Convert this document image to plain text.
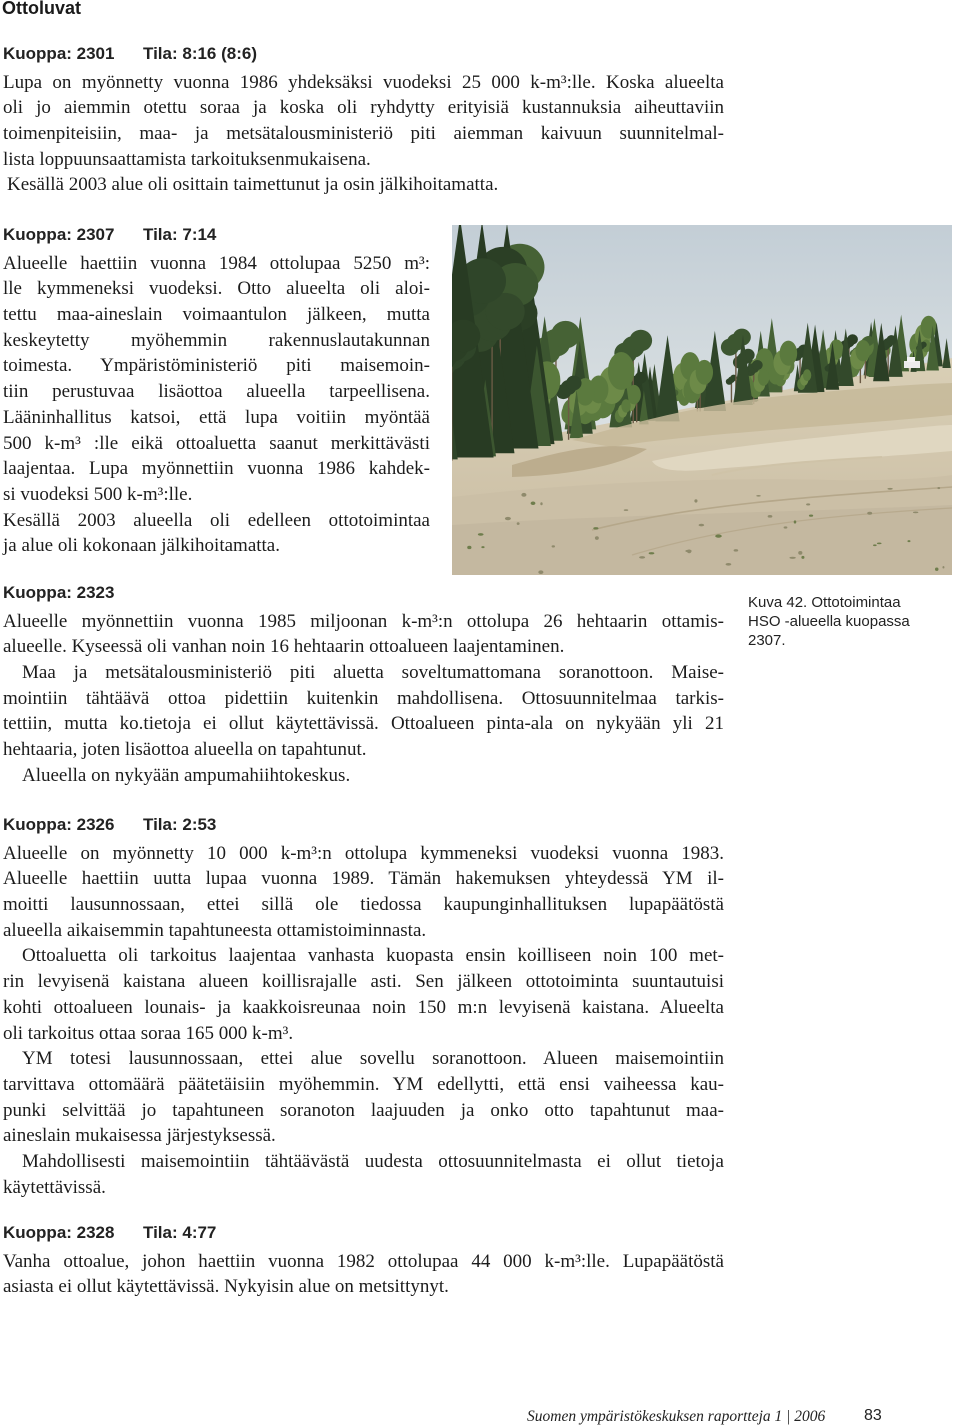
Ottoluvat
Kuoppa: 2301 Tila: 8:16 (8:6)
Lupa on myönnetty vuonna 1986 yhdeksäksi vuodeksi 25 000 k-m³:lle. Koska alueelta
oli jo aiemmin otettu soraa ja koska oli ryhdytty erityisiä kustannuksia aiheuttaviin
toimenpiteisiin, maa- ja metsätalousministeriö piti aiemman kaivuun suunnitelmal-
lista loppuunsaattamista tarkoituksenmukaisena.
Kesällä 2003 alue oli osittain taimettunut ja osin jälkihoitamatta.
Kuoppa: 2307 Tila: 7:14
Alueelle haettiin vuonna 1984 ottolupaa 5250 m³:
lle kymmeneksi vuodeksi. Otto alueelta oli aloi-
tettu maa-aineslain voimaantulon jälkeen, mutta
keskeytetty myöhemmin rakennuslautakunnan
toimesta. Ympäristöministeriö piti maisemoin-
tiin perustuvaa lisäottoa alueella tarpeellisena.
Lääninhallitus katsoi, että lupa voitiin myöntää
500 k-m³ :lle eikä ottoaluetta saanut merkittävästi
laajentaa. Lupa myönnettiin vuonna 1986 kahdek-
si vuodeksi 500 k-m³:lle.
Kesällä 2003 alueella oli edelleen ottotoimintaa
ja alue oli kokonaan jälkihoitamatta.
Kuva 42. Ottotoimintaa
HSO -alueella kuopassa
2307.
Kuoppa: 2323
Alueelle myönnettiin vuonna 1985 miljoonan k-m³:n ottolupa 26 hehtaarin ottamis-
alueelle. Kyseessä oli vanhan noin 16 hehtaarin ottoalueen laajentaminen.
Maa ja metsätalousministeriö piti aluetta soveltumattomana soranottoon. Maise-
mointiin tähtäävä ottoa pidettiin kuitenkin mahdollisena. Ottosuunnitelmaa tarkis-
tettiin, mutta ko.tietoja ei ollut käytettävissä. Ottoalueen pinta-ala on nykyään yli 21
hehtaaria, joten lisäottoa alueella on tapahtunut.
Alueella on nykyään ampumahiihtokeskus.
Kuoppa: 2326 Tila: 2:53
Alueelle on myönnetty 10 000 k-m³:n ottolupa kymmeneksi vuodeksi vuonna 1983.
Alueelle haettiin uutta lupaa vuonna 1989. Tämän hakemuksen yhteydessä YM il-
moitti lausunnossaan, ettei sillä ole tiedossa kaupunginhallituksen lupapäätöstä
alueella aikaisemmin tapahtuneesta ottamistoiminnasta.
Ottoaluetta oli tarkoitus laajentaa vanhasta kuopasta ensin koilliseen noin 100 met-
rin levyisenä kaistana alueen koillisrajalle asti. Sen jälkeen ottotoiminta suuntautuisi
kohti ottoalueen lounais- ja kaakkoisreunaa noin 150 m:n levyisenä kaistana. Alueelta
oli tarkoitus ottaa soraa 165 000 k-m³.
YM totesi lausunnossaan, ettei alue sovellu soranottoon. Alueen maisemointiin
tarvittava ottomäärä päätetäisiin myöhemmin. YM edellytti, että ensi vaiheessa kau-
punki selvittää jo tapahtuneen soranoton laajuuden ja onko otto tapahtunut maa-
aineslain mukaisessa järjestyksessä.
Mahdollisesti maisemointiin tähtäävästä uudesta ottosuunnitelmasta ei ollut tietoja
käytettävissä.
Kuoppa: 2328 Tila: 4:77
Vanha ottoalue, johon haettiin vuonna 1982 ottolupaa 44 000 k-m³:lle. Lupapäätöstä
asiasta ei ollut käytettävissä. Nykyisin alue on metsittynyt.
Suomen ympäristökeskuksen raportteja 1 | 2006 83
